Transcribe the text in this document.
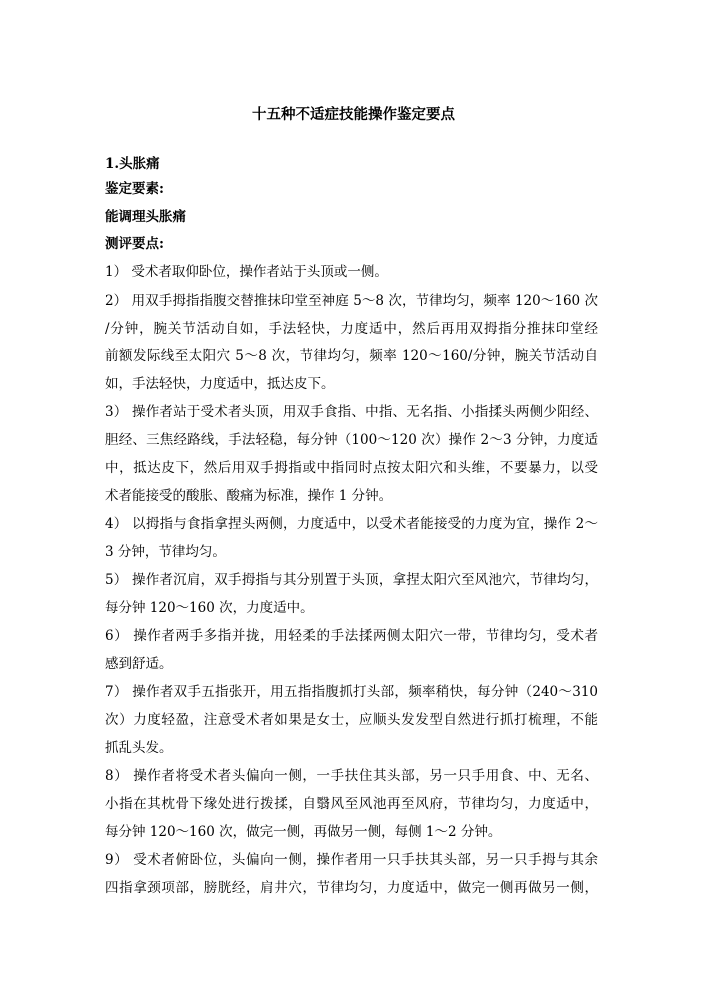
十五种不适症技能操作鉴定要点
1.头胀痛
鉴定要素:
能调理头胀痛
测评要点:
1） 受术者取仰卧位，操作者站于头顶或一侧。
2） 用双手拇指指腹交替推抹印堂至神庭 5～8 次，节律均匀，频率 120～160 次
/分钟，腕关节活动自如，手法轻快，力度适中，然后再用双拇指分推抹印堂经
前额发际线至太阳穴 5～8 次，节律均匀，频率 120～160/分钟，腕关节活动自
如，手法轻快，力度适中，抵达皮下。
3） 操作者站于受术者头顶，用双手食指、中指、无名指、小指揉头两侧少阳经、
胆经、三焦经路线，手法轻稳，每分钟（100～120 次）操作 2～3 分钟，力度适
中，抵达皮下，然后用双手拇指或中指同时点按太阳穴和头维，不要暴力，以受
术者能接受的酸胀、酸痛为标准，操作 1 分钟。
4） 以拇指与食指拿捏头两侧，力度适中，以受术者能接受的力度为宜，操作 2～
3 分钟，节律均匀。
5） 操作者沉肩，双手拇指与其分别置于头顶，拿捏太阳穴至风池穴，节律均匀，
每分钟 120～160 次，力度适中。
6） 操作者两手多指并拢，用轻柔的手法揉两侧太阳穴一带，节律均匀，受术者
感到舒适。
7） 操作者双手五指张开，用五指指腹抓打头部，频率稍快，每分钟（240～310
次）力度轻盈，注意受术者如果是女士，应顺头发发型自然进行抓打梳理，不能
抓乱头发。
8） 操作者将受术者头偏向一侧，一手扶住其头部，另一只手用食、中、无名、
小指在其枕骨下缘处进行拨揉，自翳风至风池再至风府，节律均匀，力度适中，
每分钟 120～160 次，做完一侧，再做另一侧，每侧 1～2 分钟。
9） 受术者俯卧位，头偏向一侧，操作者用一只手扶其头部，另一只手拇与其余
四指拿颈项部，膀胱经，肩井穴，节律均匀，力度适中，做完一侧再做另一侧，
